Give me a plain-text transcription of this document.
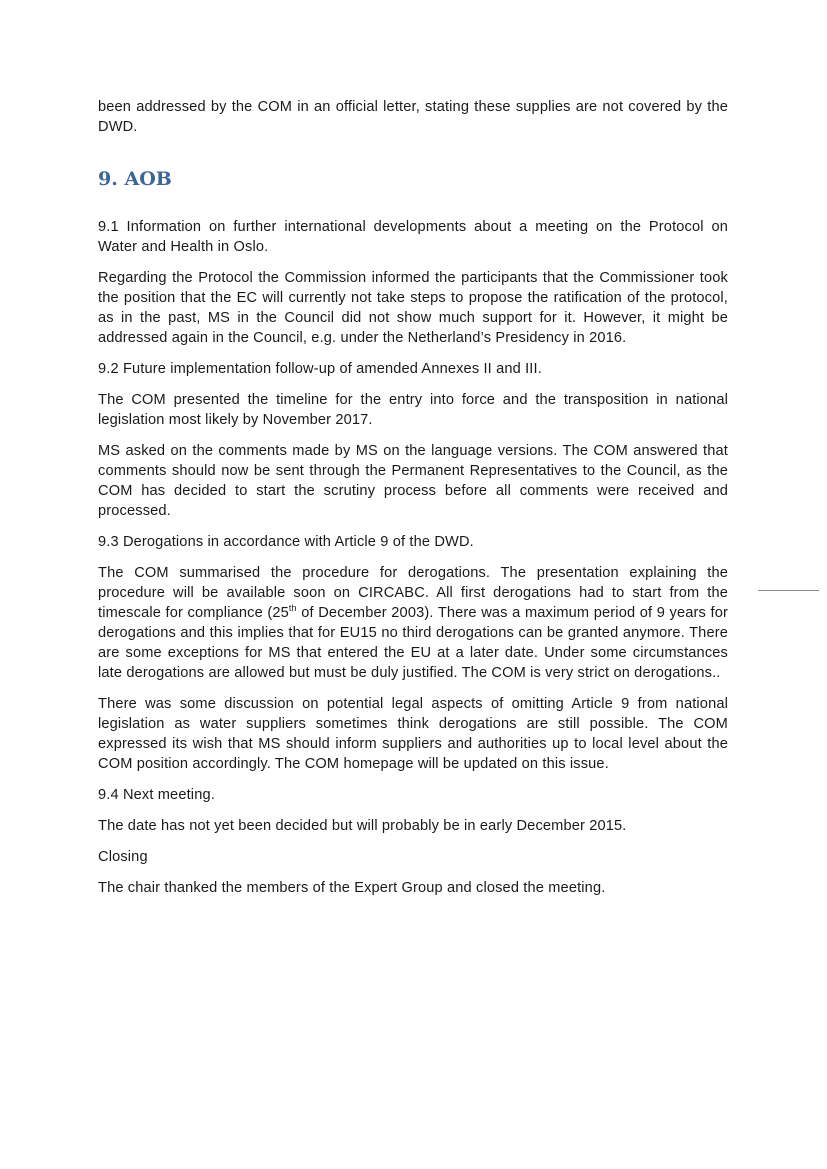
been addressed by the COM in an official letter, stating these supplies are not covered by the DWD.

9. AOB

9.1 Information on further international developments about a meeting on the Protocol on Water and Health in Oslo.

Regarding the Protocol the Commission informed the participants that the Commissioner took the position that the EC will currently not take steps to propose the ratification of the protocol, as in the past, MS in the Council did not show much support for it. However, it might be addressed again in the Council, e.g. under the Netherland’s Presidency in 2016.

9.2 Future implementation follow-up of amended Annexes II and III.

The COM presented the timeline for the entry into force and the transposition in national legislation most likely by November 2017.

MS asked on the comments made by MS on the language versions. The COM answered that comments should now be sent through the Permanent Representatives to the Council, as the COM has decided to start the scrutiny process before all comments were received and processed.

9.3 Derogations in accordance with Article 9 of the DWD.

The COM summarised the procedure for derogations. The presentation explaining the procedure will be available soon on CIRCABC. All first derogations had to start from the timescale for compliance (25th of December 2003). There was a maximum period of 9 years for derogations and this implies that for EU15 no third derogations can be granted anymore. There are some exceptions for MS that entered the EU at a later date. Under some circumstances late derogations are allowed but must be duly justified. The COM is very strict on derogations..

There was some discussion on potential legal aspects of omitting Article 9 from national legislation as water suppliers sometimes think derogations are still possible. The COM expressed its wish that MS should inform suppliers and authorities up to local level about the COM position accordingly. The COM homepage will be updated on this issue.

9.4 Next meeting.

The date has not yet been decided but will probably be in early December 2015.

Closing

The chair thanked the members of the Expert Group and closed the meeting.
